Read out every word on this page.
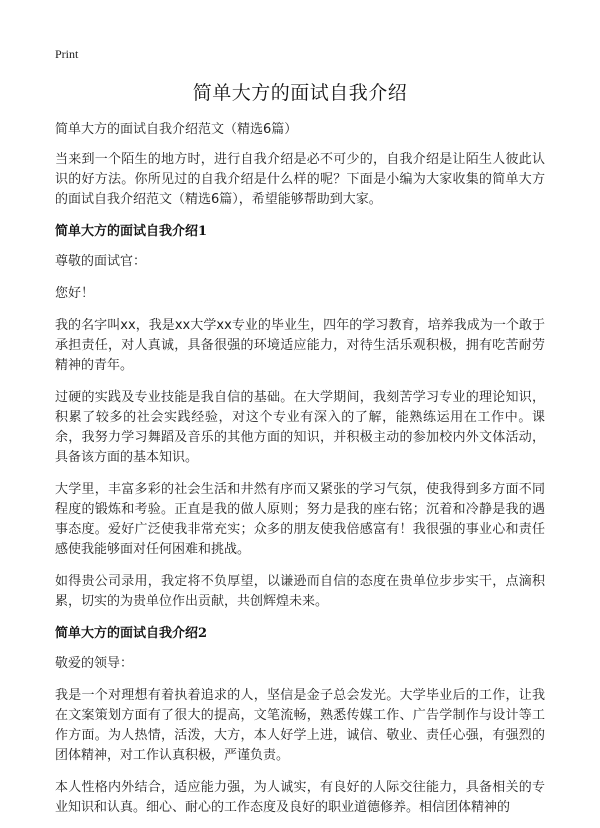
Print
简单大方的面试自我介绍

简单大方的面试自我介绍范文（精选6篇）

当来到一个陌生的地方时，进行自我介绍是必不可少的，自我介绍是让陌生人彼此认识的好方法。你所见过的自我介绍是什么样的呢？下面是小编为大家收集的简单大方的面试自我介绍范文（精选6篇），希望能够帮助到大家。

简单大方的面试自我介绍1

尊敬的面试官：

您好！

我的名字叫xx，我是xx大学xx专业的毕业生，四年的学习教育，培养我成为一个敢于承担责任，对人真诚，具备很强的环境适应能力，对待生活乐观积极，拥有吃苦耐劳精神的青年。

过硬的实践及专业技能是我自信的基础。在大学期间，我刻苦学习专业的理论知识，积累了较多的社会实践经验，对这个专业有深入的了解，能熟练运用在工作中。课余，我努力学习舞蹈及音乐的其他方面的知识，并积极主动的参加校内外文体活动，具备该方面的基本知识。

大学里，丰富多彩的社会生活和井然有序而又紧张的学习气氛，使我得到多方面不同程度的锻炼和考验。正直是我的做人原则；努力是我的座右铭；沉着和冷静是我的遇事态度。爱好广泛使我非常充实；众多的朋友使我倍感富有！我很强的事业心和责任感使我能够面对任何困难和挑战。

如得贵公司录用，我定将不负厚望，以谦逊而自信的态度在贵单位步步实干，点滴积累，切实的为贵单位作出贡献，共创辉煌未来。

简单大方的面试自我介绍2

敬爱的领导：

我是一个对理想有着执着追求的人，坚信是金子总会发光。大学毕业后的工作，让我在文案策划方面有了很大的提高，文笔流畅，熟悉传媒工作、广告学制作与设计等工作方面。为人热情，活泼，大方，本人好学上进，诚信、敬业、责任心强，有强烈的团体精神，对工作认真积极，严谨负责。

本人性格内外结合，适应能力强，为人诚实，有良好的人际交往能力，具备相关的专业知识和认真。细心、耐心的工作态度及良好的职业道德修养。相信团体精神的
